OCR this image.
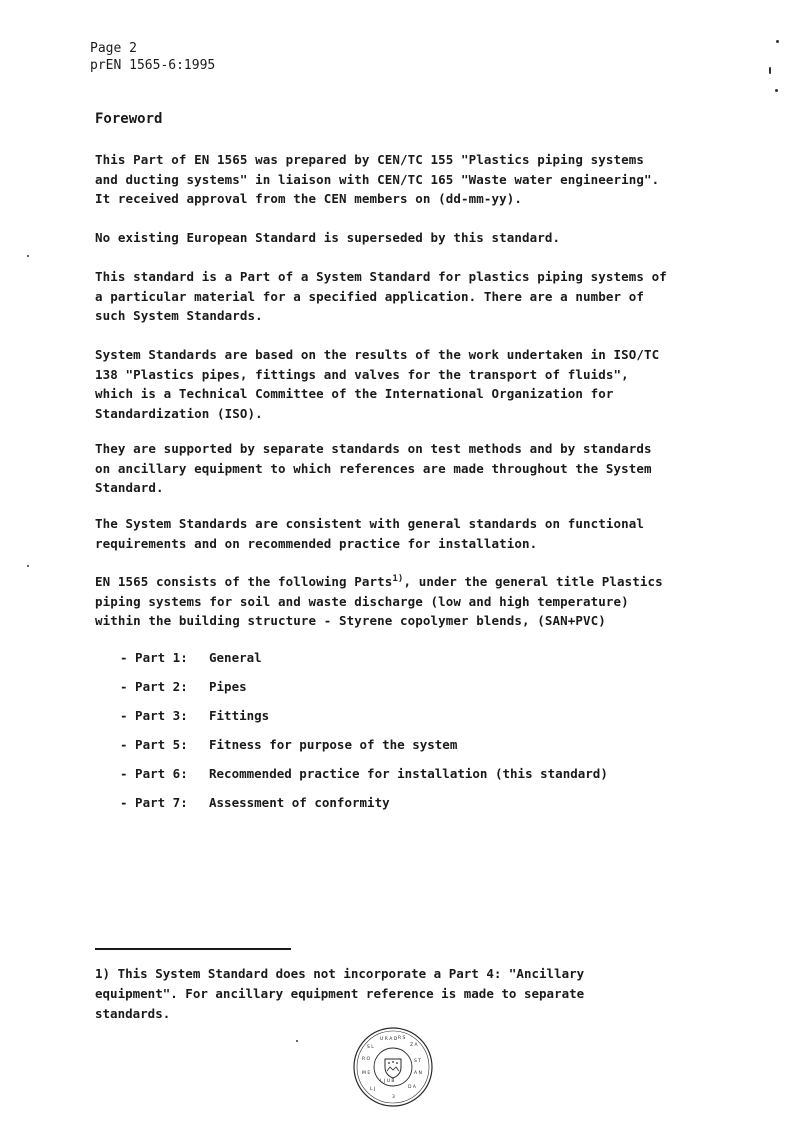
Page 2
prEN 1565-6:1995
Foreword
This Part of EN 1565 was prepared by CEN/TC 155 "Plastics piping systems
and ducting systems" in liaison with CEN/TC 165 "Waste water engineering".
It received approval from the CEN members on (dd-mm-yy).
No existing European Standard is superseded by this standard.
This standard is a Part of a System Standard for plastics piping systems of
a particular material for a specified application. There are a number of
such System Standards.
System Standards are based on the results of the work undertaken in ISO/TC
138 "Plastics pipes, fittings and valves for the transport of fluids",
which is a Technical Committee of the International Organization for
Standardization (ISO).
They are supported by separate standards on test methods and by standards
on ancillary equipment to which references are made throughout the System
Standard.
The System Standards are consistent with general standards on functional
requirements and on recommended practice for installation.
EN 1565 consists of the following Parts$^{1)}$, under the general title Plastics
piping systems for soil and waste discharge (low and high temperature)
within the building structure - Styrene copolymer blends, (SAN+PVC)
- Part 1:	General
- Part 2:	Pipes
- Part 3:	Fittings
- Part 5:	Fitness for purpose of the system
- Part 6:	Recommended practice for installation (this standard)
- Part 7:	Assessment of conformity
1) This System Standard does not incorporate a Part 4: "Ancillary
equipment". For ancillary equipment reference is made to separate
standards.
U R A D R S
Z A
S T
A N
D A
3
L J
M E
R O
S L
L J U B
